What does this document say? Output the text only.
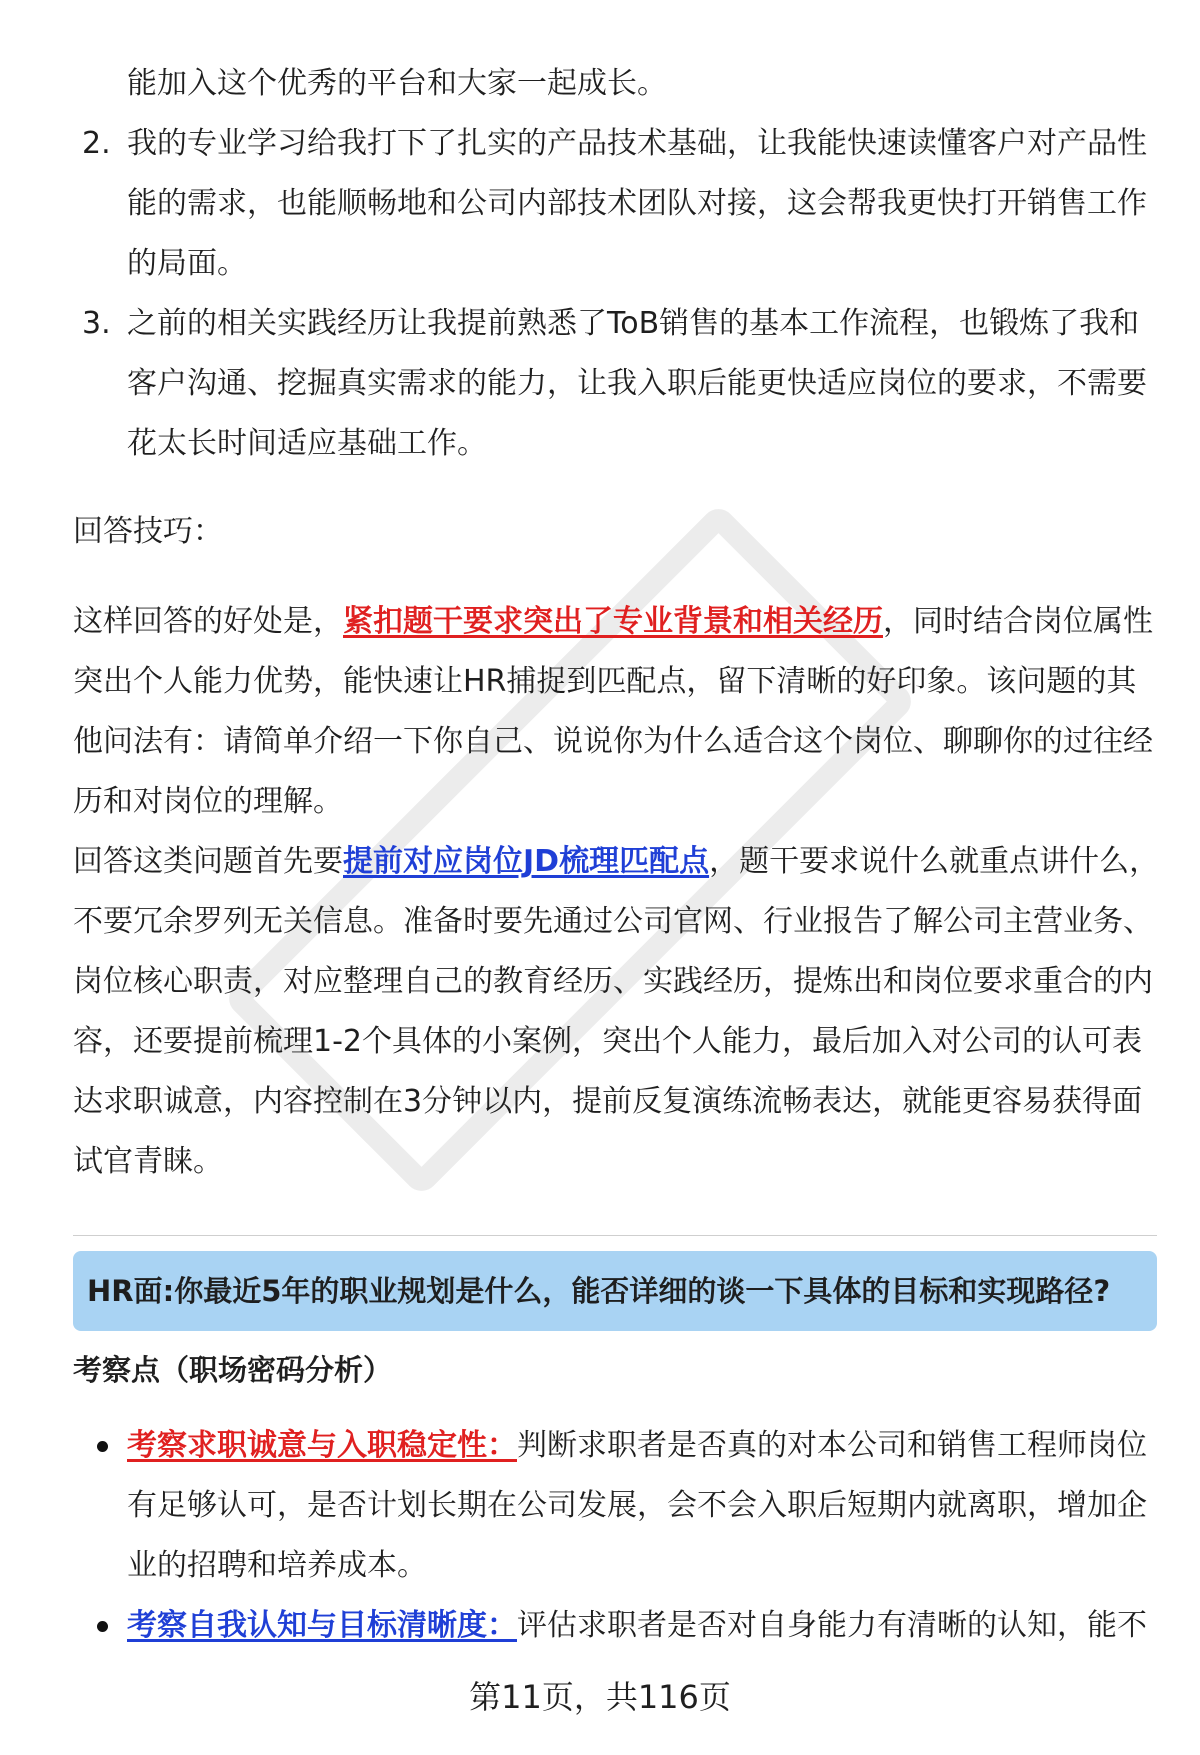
能加入这个优秀的平台和大家一起成长。
2. 我的专业学习给我打下了扎实的产品技术基础，让我能快速读懂客户对产品性
能的需求，也能顺畅地和公司内部技术团队对接，这会帮我更快打开销售工作
的局面。
3. 之前的相关实践经历让我提前熟悉了ToB销售的基本工作流程，也锻炼了我和
客户沟通、挖掘真实需求的能力，让我入职后能更快适应岗位的要求，不需要
花太长时间适应基础工作。
回答技巧：
这样回答的好处是，紧扣题干要求突出了专业背景和相关经历，同时结合岗位属性
突出个人能力优势，能快速让HR捕捉到匹配点，留下清晰的好印象。该问题的其
他问法有：请简单介绍一下你自己、说说你为什么适合这个岗位、聊聊你的过往经
历和对岗位的理解。
回答这类问题首先要提前对应岗位JD梳理匹配点，题干要求说什么就重点讲什么，
不要冗余罗列无关信息。准备时要先通过公司官网、行业报告了解公司主营业务、
岗位核心职责，对应整理自己的教育经历、实践经历，提炼出和岗位要求重合的内
容，还要提前梳理1-2个具体的小案例，突出个人能力，最后加入对公司的认可表
达求职诚意，内容控制在3分钟以内，提前反复演练流畅表达，就能更容易获得面
试官青睐。
HR面:你最近5年的职业规划是什么，能否详细的谈一下具体的目标和实现路径?
考察点（职场密码分析）
考察求职诚意与入职稳定性：判断求职者是否真的对本公司和销售工程师岗位
有足够认可，是否计划长期在公司发展，会不会入职后短期内就离职，增加企
业的招聘和培养成本。
考察自我认知与目标清晰度：评估求职者是否对自身能力有清晰的认知，能不
第11页，共116页
